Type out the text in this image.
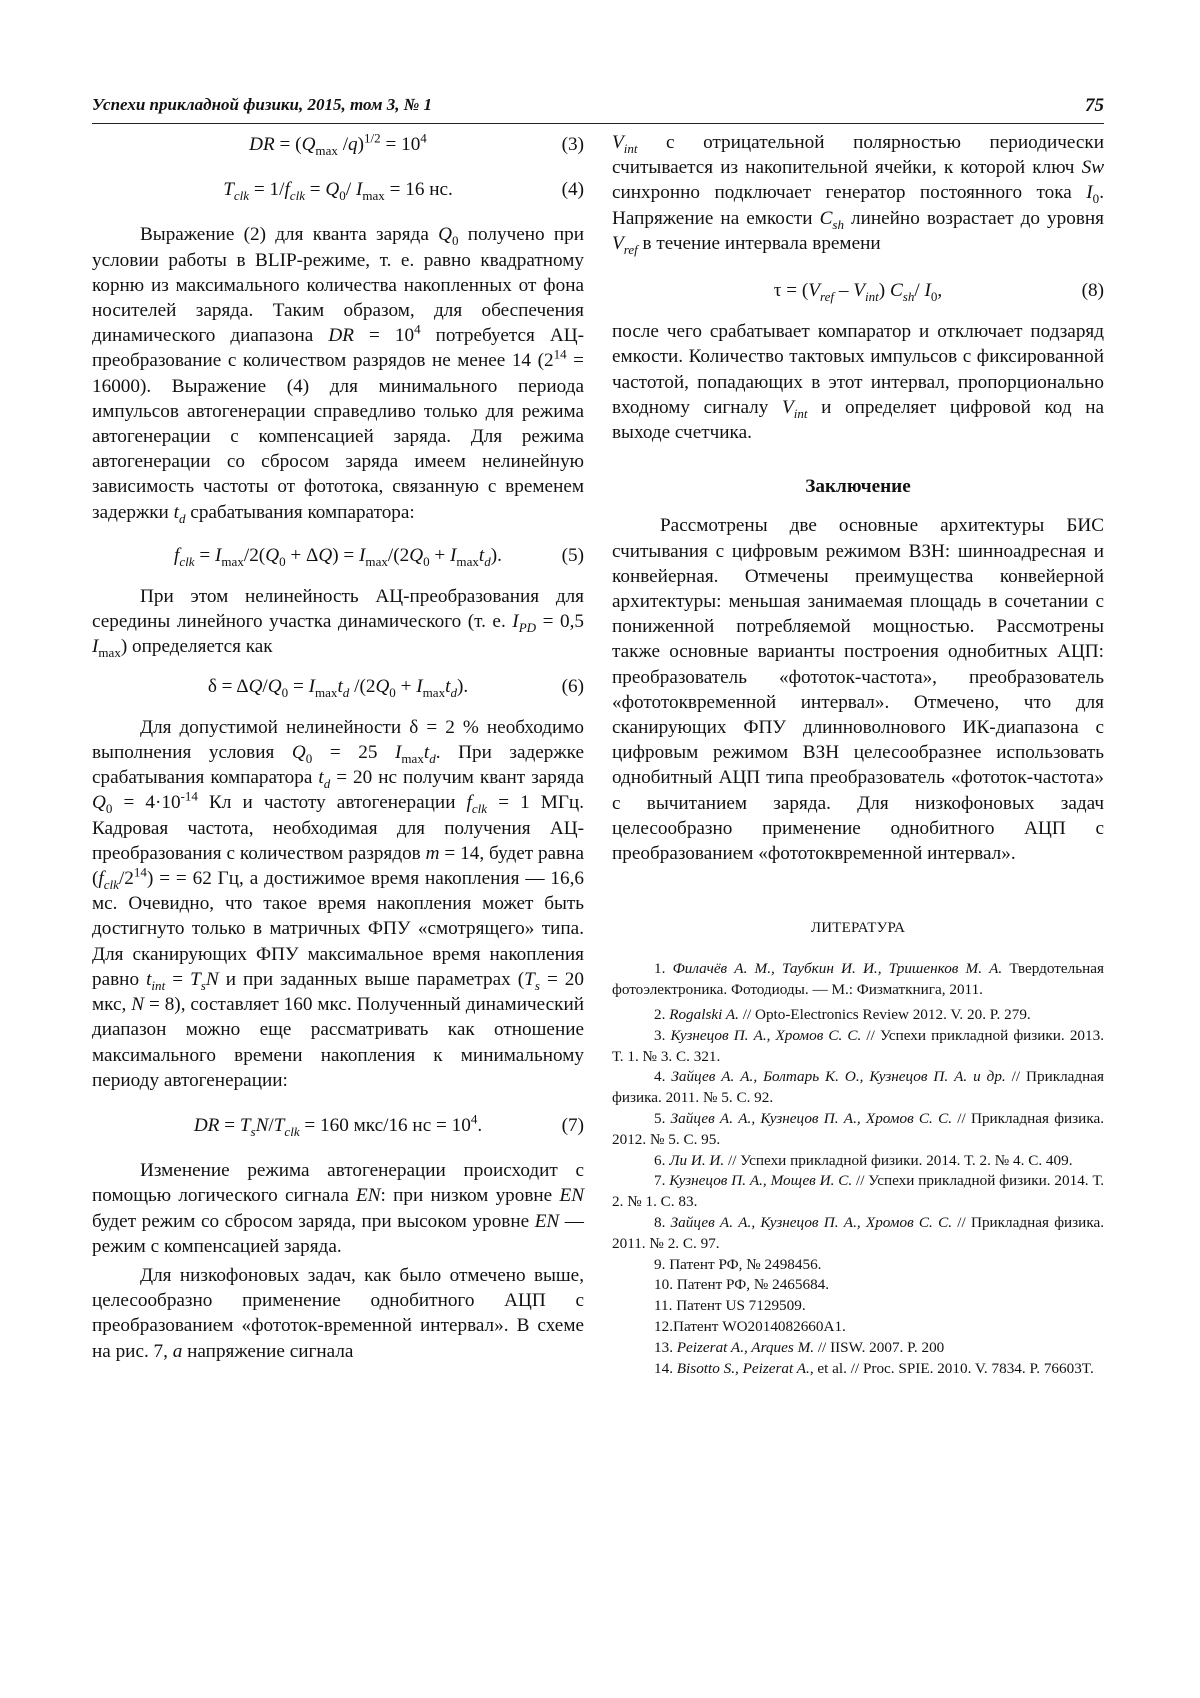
Успехи прикладной физики, 2015, том 3, № 1	75
DR = ($Q_{max}$ $/q)^{1/2} = 10^4$	(3)
$T_{clk} = 1/f_{clk} = Q_0/$ $I_{max} = 16$ нс.	(4)

Выражение (2) для кванта заряда $Q_0$ получено при условии работы в BLIP-режиме, т. е. равно квадратному корню из максимального количества накопленных от фона носителей заряда. Таким образом, для обеспечения динамического диапазона DR = $10^4$ потребуется АЦ-преобразование с количеством разрядов не менее 14 $(2^{14} = 16000)$. Выражение (4) для минимального периода импульсов автогенерации справедливо только для режима автогенерации с компенсацией заряда. Для режима автогенерации со сбросом заряда имеем нелинейную зависимость частоты от фототока, связанную с временем задержки $t_d$ срабатывания компаратора:

$f_{clk} = I_{max}/2(Q_0 + \Delta Q) = I_{max}/(2Q_0 + I_{max}t_d)$.	(5)

При этом нелинейность АЦ-преобразования для середины линейного участка динамического (т. е. $I_{PD} = 0,5$ $I_{max}$) определяется как

$\delta = \Delta Q/Q_0 = I_{max}t_d$ $/(2Q_0 + I_{max}t_d)$.	(6)

Для допустимой нелинейности δ = 2 % необходимо выполнения условия $Q_0 = 25$ $I_{max}t_d$. При задержке срабатывания компаратора $t_d = 20$ нс получим квант заряда $Q_0 = 4\cdot 10^{-14}$ Кл и частоту автогенерации $f_{clk} = 1$ МГц. Кадровая частота, необходимая для получения АЦ-преобразования с количеством разрядов m = 14, будет равна $(f_{clk}/2^{14})$ = = 62 Гц, а достижимое время накопления — 16,6 мс. Очевидно, что такое время накопления может быть достигнуто только в матричных ФПУ «смотрящего» типа. Для сканирующих ФПУ максимальное время накопления равно $t_{int} = T_sN$ и при заданных выше параметрах ($T_s = 20$ мкс, N = 8), составляет 160 мкс. Полученный динамический диапазон можно еще рассматривать как отношение максимального времени накопления к минимальному периоду автогенерации:

DR = $T_sN/T_{clk} = 160$ мкс/16 нс = $10^4$.	(7)

Изменение режима автогенерации происходит с помощью логического сигнала EN: при низком уровне EN будет режим со сбросом заряда, при высоком уровне EN — режим с компенсацией заряда.

Для низкофоновых задач, как было отмечено выше, целесообразно применение однобитного АЦП с преобразованием «фототок-временной интервал». В схеме на рис. 7, а напряжение сигнала

$V_{int}$ с отрицательной полярностью периодически считывается из накопительной ячейки, к которой ключ Sw синхронно подключает генератор постоянного тока $I_0$. Напряжение на емкости $C_{sh}$ линейно возрастает до уровня $V_{ref}$ в течение интервала времени

$\tau = (V_{ref} - V_{int})$ $C_{sh}/$ $I_0$,	(8)

после чего срабатывает компаратор и отключает подзаряд емкости. Количество тактовых импульсов с фиксированной частотой, попадающих в этот интервал, пропорционально входному сигналу $V_{int}$ и определяет цифровой код на выходе счетчика.

Заключение

Рассмотрены две основные архитектуры БИС считывания с цифровым режимом ВЗН: шинноадресная и конвейерная. Отмечены преимущества конвейерной архитектуры: меньшая занимаемая площадь в сочетании с пониженной потребляемой мощностью. Рассмотрены также основные варианты построения однобитных АЦП: преобразователь «фототок-частота», преобразователь «фототоквременной интервал». Отмечено, что для сканирующих ФПУ длинноволнового ИК-диапазона с цифровым режимом ВЗН целесообразнее использовать однобитный АЦП типа преобразователь «фототок-частота» с вычитанием заряда. Для низкофоновых задач целесообразно применение однобитного АЦП с преобразованием «фототоквременной интервал».

ЛИТЕРАТУРА

1. Филачёв А. М., Таубкин И. И., Тришенков М. А. Твердотельная фотоэлектроника. Фотодиоды. — М.: Физматкнига, 2011.

2. Rogalski A. // Opto-Electronics Review 2012. V. 20. P. 279.

3. Кузнецов П. А., Хромов С. С. // Успехи прикладной физики. 2013. Т. 1. № 3. С. 321.

4. Зайцев А. А., Болтарь К. О., Кузнецов П. А. и др. // Прикладная физика. 2011. № 5. С. 92.

5. Зайцев А. А., Кузнецов П. А., Хромов С. С. // Прикладная физика. 2012. № 5. С. 95.

6. Ли И. И. // Успехи прикладной физики. 2014. Т. 2. № 4. С. 409.

7. Кузнецов П. А., Мощев И. С. // Успехи прикладной физики. 2014. Т. 2. № 1. С. 83.

8. Зайцев А. А., Кузнецов П. А., Хромов С. С. // Прикладная физика. 2011. № 2. С. 97.

9. Патент РФ, № 2498456.

10. Патент РФ, № 2465684.

11. Патент US 7129509.

12.Патент WO2014082660A1.

13. Peizerat A., Arques M. // IISW. 2007. P. 200

14. Bisotto S., Peizerat A., et al. // Proc. SPIE. 2010. V. 7834. P. 76603T.
